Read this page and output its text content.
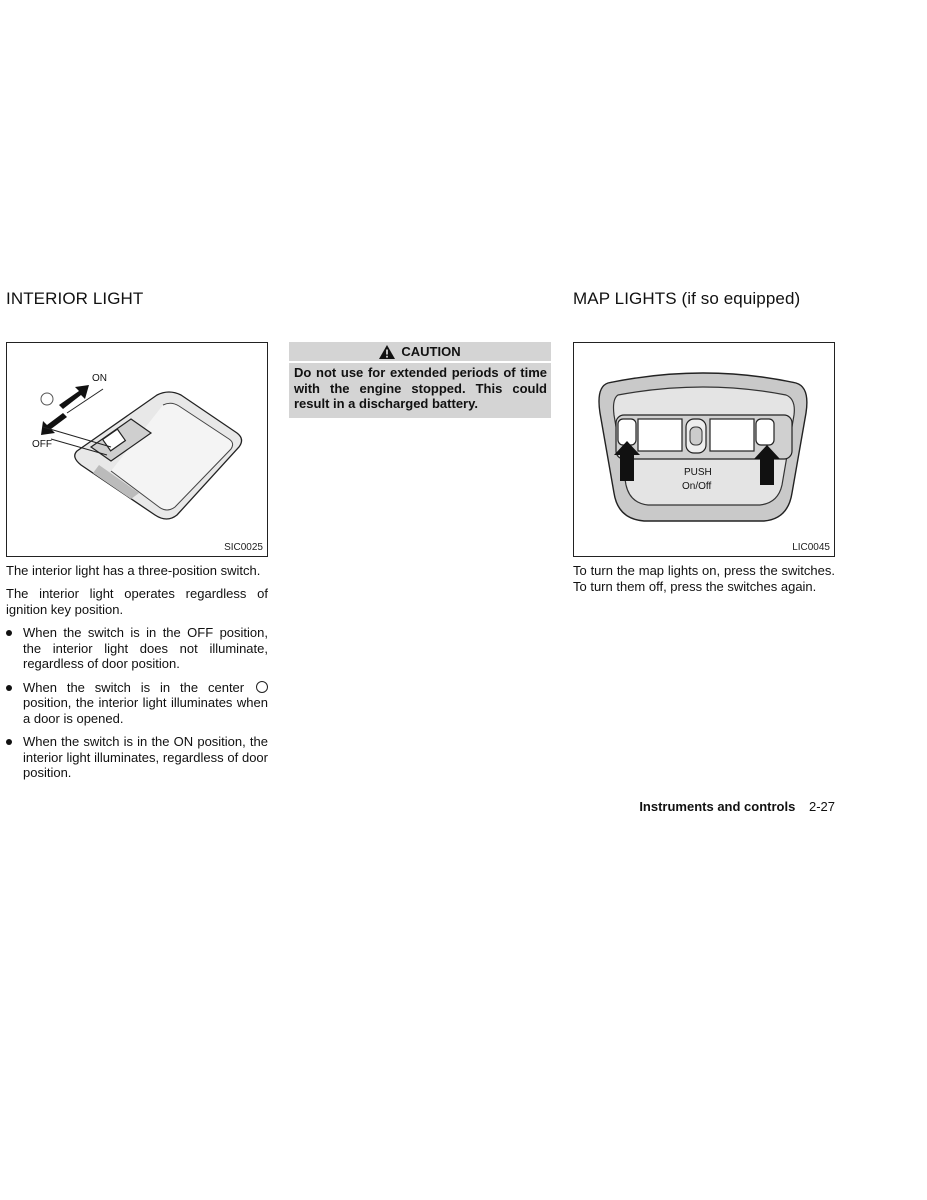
INTERIOR LIGHT	MAP LIGHTS (if so equipped)
ON
OFF
SIC0025

The interior light has a three-position switch.

The interior light operates regardless of ignition key position.

When the switch is in the OFF position, the interior light does not illuminate, regardless of door position.
When the switch is in the center  position, the interior light illuminates when a door is opened.
When the switch is in the ON position, the interior light illuminates, regardless of door position.
CAUTION
Do not use for extended periods of time with the engine stopped. This could result in a discharged battery.
PUSH
On/Off
LIC0045

To turn the map lights on, press the switches. To turn them off, press the switches again.

Instruments and controls 2-27
